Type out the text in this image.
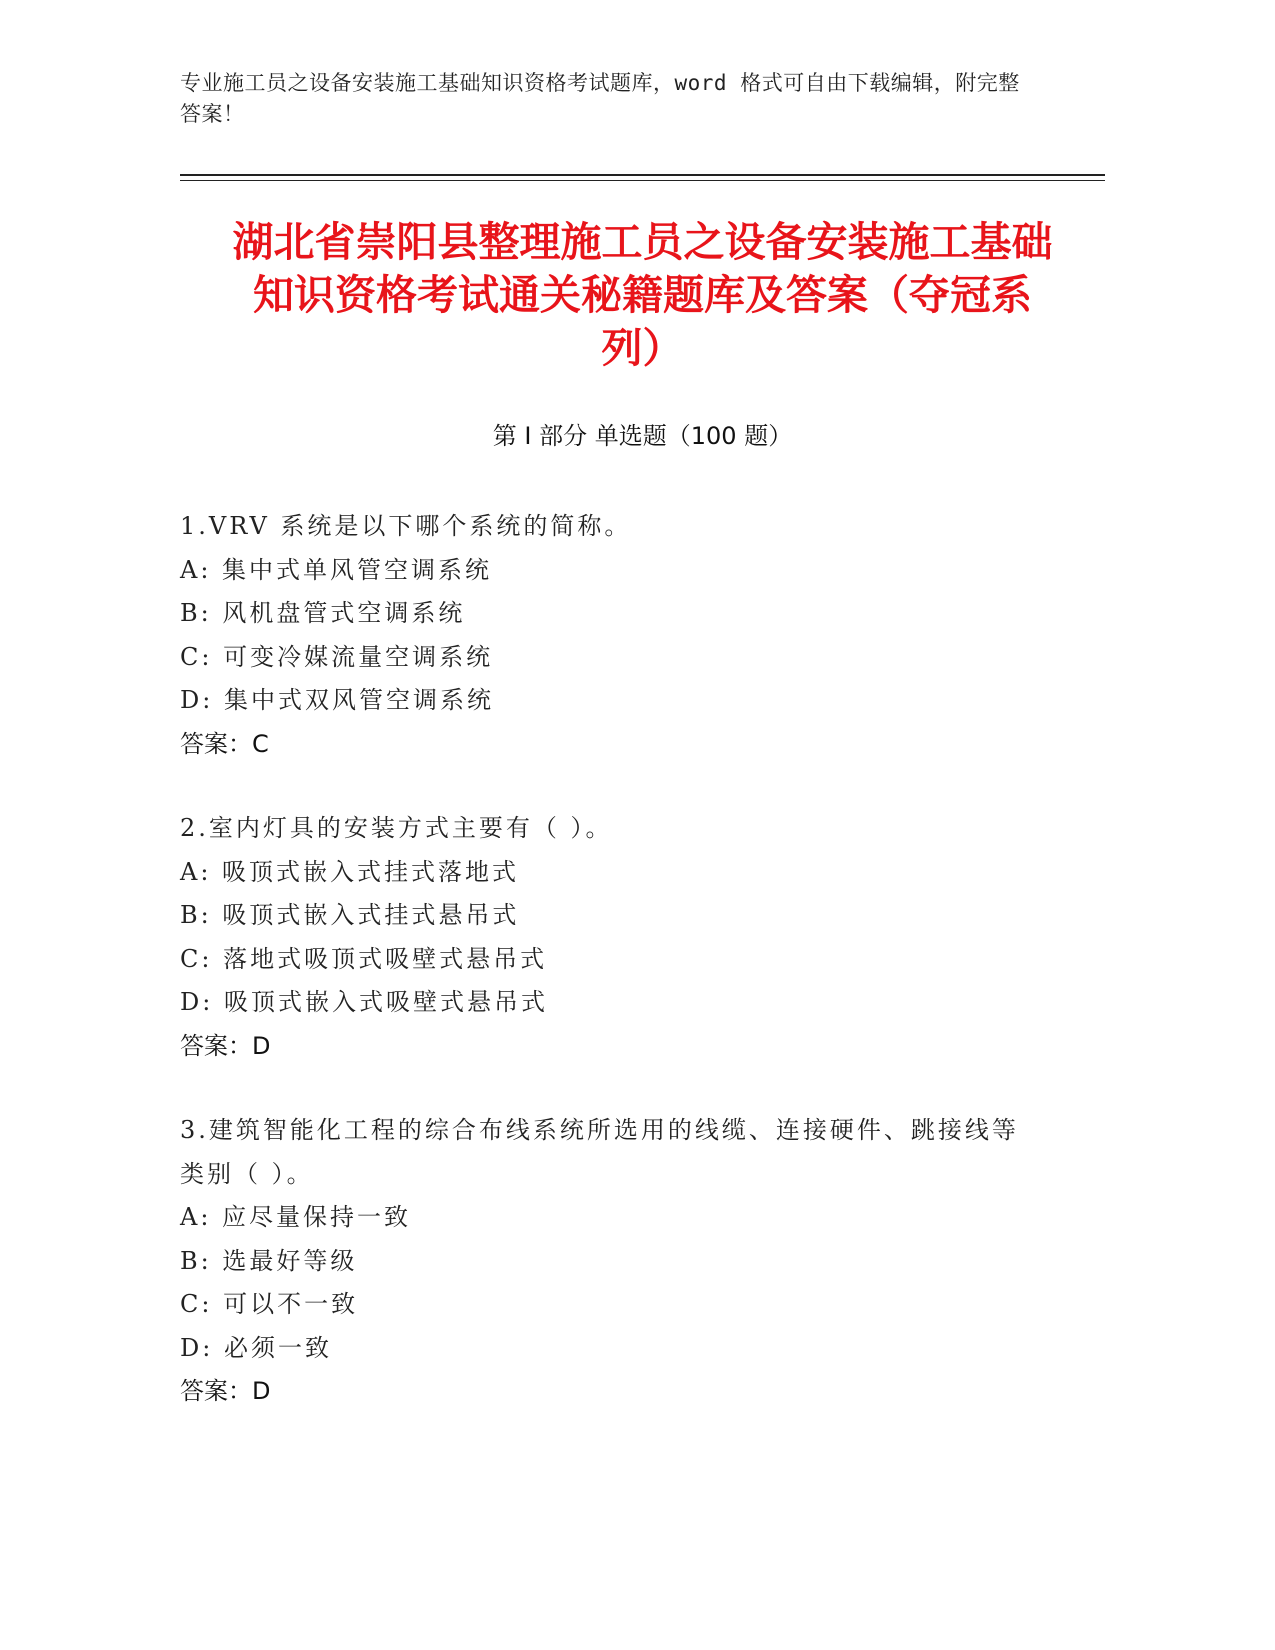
专业施工员之设备安装施工基础知识资格考试题库，word 格式可自由下载编辑，附完整答案！
湖北省崇阳县整理施工员之设备安装施工基础知识资格考试通关秘籍题库及答案（夺冠系列）
第 I 部分 单选题（100 题）
1.VRV 系统是以下哪个系统的简称。
A: 集中式单风管空调系统
B: 风机盘管式空调系统
C: 可变冷媒流量空调系统
D: 集中式双风管空调系统
答案：C
2.室内灯具的安装方式主要有（ ）。
A: 吸顶式嵌入式挂式落地式
B: 吸顶式嵌入式挂式悬吊式
C: 落地式吸顶式吸壁式悬吊式
D: 吸顶式嵌入式吸壁式悬吊式
答案：D
3.建筑智能化工程的综合布线系统所选用的线缆、连接硬件、跳接线等类别（ ）。
A: 应尽量保持一致
B: 选最好等级
C: 可以不一致
D: 必须一致
答案：D
